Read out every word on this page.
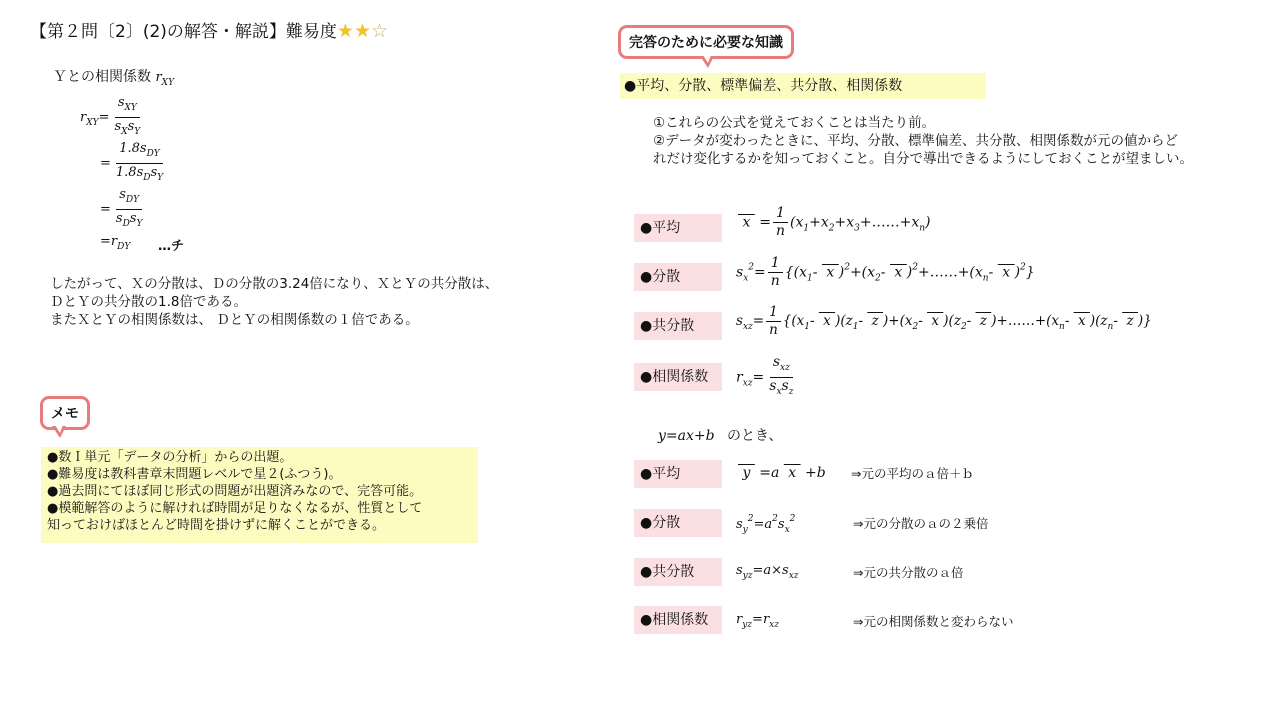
【第２問〔2〕(2)の解答・解説】難易度★★☆
Ｙとの相関係数 $r_{XY}$
$r_{XY}= \frac{s_{XY}}{s_Xs_Y}$
= $\frac{1.8s_{DY}}{1.8s_Ds_Y}$
= $\frac{s_{DY}}{s_Ds_Y}$
$=r_{DY}$ …チ
したがって、Ｘの分散は、Ｄの分散の3.24倍になり、ＸとＹの共分散は、
ＤとＹの共分散の1.8倍である。
またＸとＹの相関係数は、 ＤとＹの相関係数の１倍である。
メモ
●数Ｉ単元「データの分析」からの出題。
●難易度は教科書章末問題レベルで星２(ふつう)。
●過去問にてほぼ同じ形式の問題が出題済みなので、完答可能。
●模範解答のように解ければ時間が足りなくなるが、性質として
知っておけばほとんど時間を掛けずに解くことができる。
完答のために必要な知識
●平均、分散、標準偏差、共分散、相関係数
①これらの公式を覚えておくことは当たり前。
②データが変わったときに、平均、分散、標準偏差、共分散、相関係数が元の値からど
れだけ変化するかを知っておくこと。自分で導出できるようにしておくことが望ましい。
●平均
●分散
●共分散
●相関係数
$x = \frac{1}{n}$ $(x_1+x_2+x_3+\dots\dots+x_n)$
$s_x^2= \frac{1}{n} \{(x_1-$  x )$^2+(x_2-$  x )$^2+\dots\dots+(x_n-$  x )$^2$}
$s_{xz}= \frac{1}{n} \{(x_1-$  x )($z_1-$  z )$+(x_2-$  x )($z_2-$  z )$+\dots\dots+(x_n-$  x )($z_n-$  z )}
$r_{xz}= \frac{s_{xz}}{s_xs_z}$
y=ax+b のとき、
●平均
●分散
●共分散
●相関係数
y  =a  x  +b
$s_y^2=a^2s_x^2$
$s_{yz}=a\times s_{xz}$
$r_{yz}=r_{xz}$
⇒元の平均のａ倍＋ｂ
⇒元の分散のａの２乗倍
⇒元の共分散のａ倍
⇒元の相関係数と変わらない
